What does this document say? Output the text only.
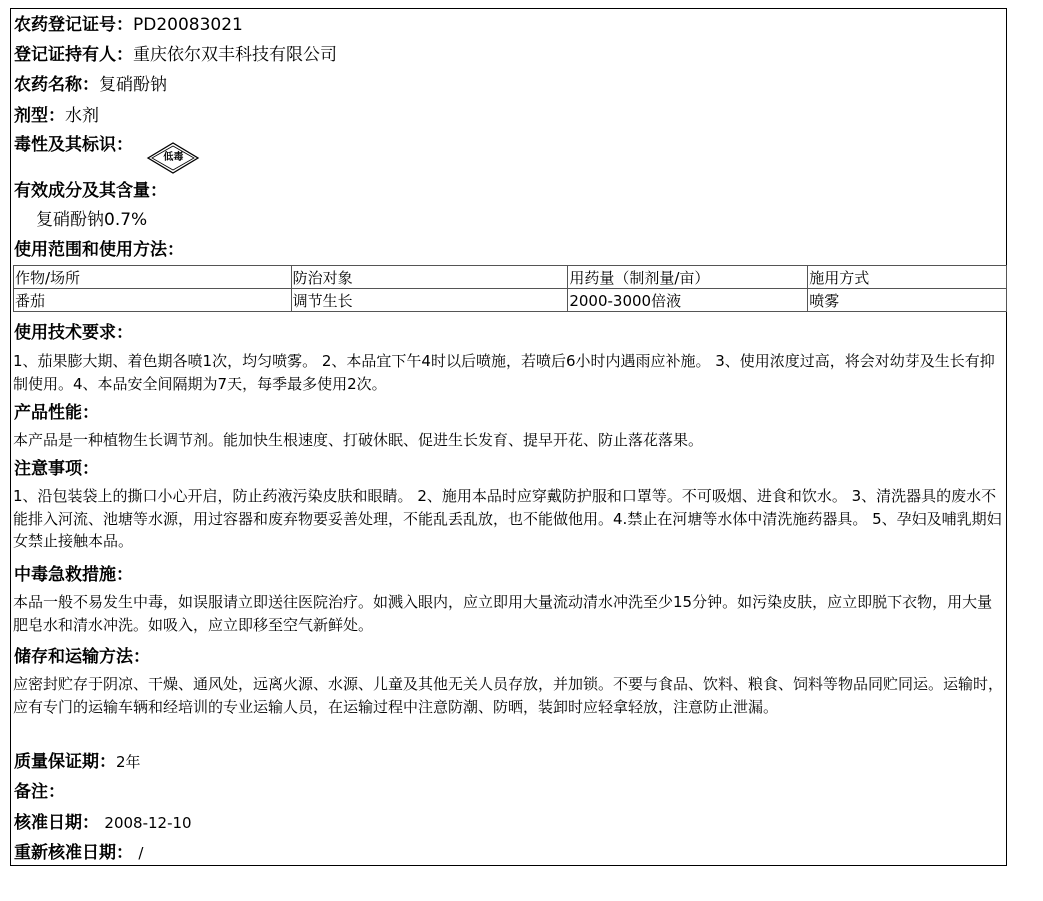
农药登记证号：PD20083021
登记证持有人：重庆依尔双丰科技有限公司
农药名称：复硝酚钠
剂型：水剂
毒性及其标识：
低毒
有效成分及其含量：
复硝酚钠0.7%
使用范围和使用方法：
作物/场所	防治对象	用药量（制剂量/亩）	施用方式
番茄	调节生长	2000-3000倍液	喷雾
使用技术要求：
1、茄果膨大期、着色期各喷1次，均匀喷雾。 2、本品宜下午4时以后喷施，若喷后6小时内遇雨应补施。 3、使用浓度过高，将会对幼芽及生长有抑制使用。4、本品安全间隔期为7天，每季最多使用2次。
产品性能：
本产品是一种植物生长调节剂。能加快生根速度、打破休眠、促进生长发育、提早开花、防止落花落果。
注意事项：
1、沿包装袋上的撕口小心开启，防止药液污染皮肤和眼睛。 2、施用本品时应穿戴防护服和口罩等。不可吸烟、进食和饮水。 3、清洗器具的废水不能排入河流、池塘等水源，用过容器和废弃物要妥善处理，不能乱丢乱放，也不能做他用。4.禁止在河塘等水体中清洗施药器具。 5、孕妇及哺乳期妇女禁止接触本品。
中毒急救措施：
本品一般不易发生中毒，如误服请立即送往医院治疗。如溅入眼内，应立即用大量流动清水冲洗至少15分钟。如污染皮肤，应立即脱下衣物，用大量肥皂水和清水冲洗。如吸入，应立即移至空气新鲜处。
储存和运输方法：
应密封贮存于阴凉、干燥、通风处，远离火源、水源、儿童及其他无关人员存放，并加锁。不要与食品、饮料、粮食、饲料等物品同贮同运。运输时，应有专门的运输车辆和经培训的专业运输人员，在运输过程中注意防潮、防晒，装卸时应轻拿轻放，注意防止泄漏。
质量保证期：2年
备注：
核准日期： 2008-12-10
重新核准日期： /
